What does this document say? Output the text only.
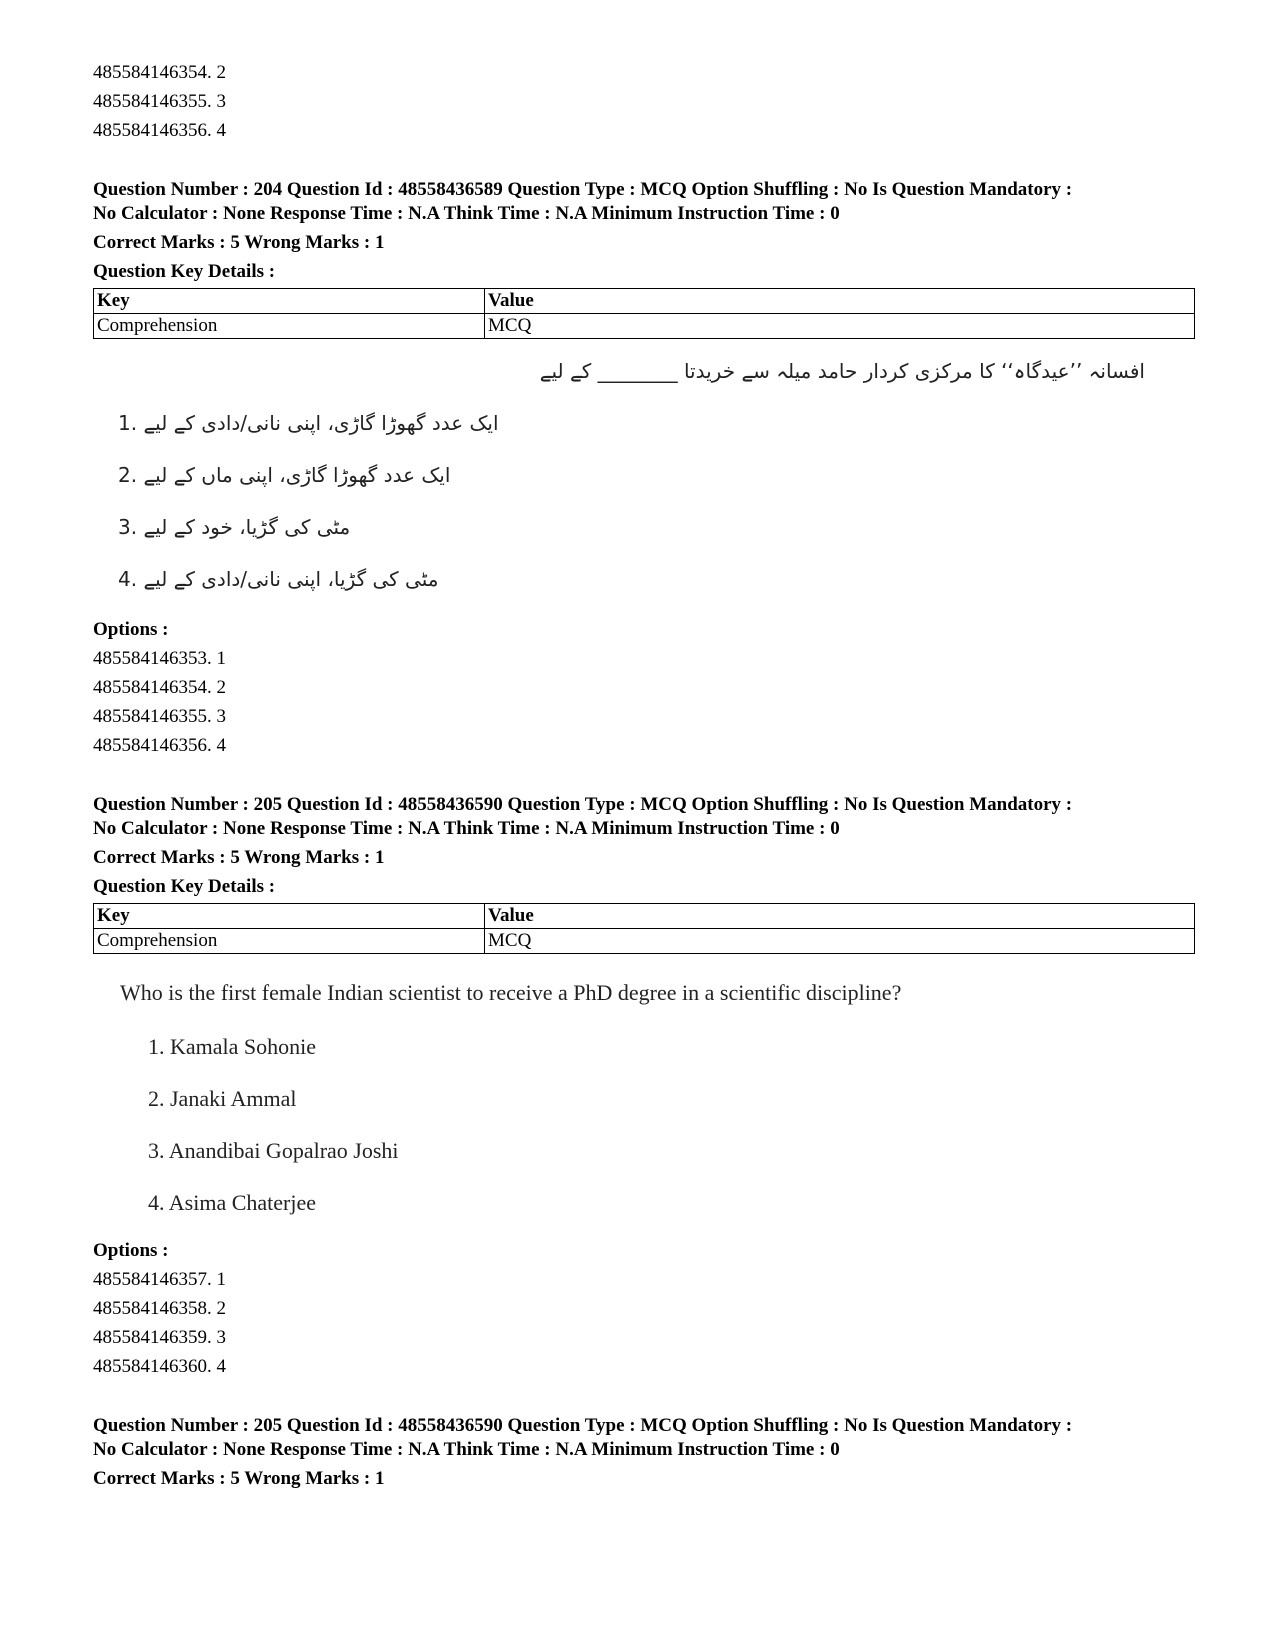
485584146354. 2

485584146355. 3

485584146356. 4

Question Number : 204 Question Id : 48558436589 Question Type : MCQ Option Shuffling : No Is Question Mandatory :

No Calculator : None Response Time : N.A Think Time : N.A Minimum Instruction Time : 0

Correct Marks : 5 Wrong Marks : 1

Question Key Details :

Key	Value
Comprehension	MCQ
افسانہ ’’عیدگاہ‘‘ کا مرکزی کردار حامد میلہ سے خریدتا ________ کے لیے
ایک عدد گھوڑا گاڑی، اپنی نانی/دادی کے لیے .1
ایک عدد گھوڑا گاڑی، اپنی ماں کے لیے .2
مٹی کی گڑیا، خود کے لیے .3
مٹی کی گڑیا، اپنی نانی/دادی کے لیے .4

Options :

485584146353. 1

485584146354. 2

485584146355. 3

485584146356. 4

Question Number : 205 Question Id : 48558436590 Question Type : MCQ Option Shuffling : No Is Question Mandatory :

No Calculator : None Response Time : N.A Think Time : N.A Minimum Instruction Time : 0

Correct Marks : 5 Wrong Marks : 1

Question Key Details :

Key	Value
Comprehension	MCQ
Who is the first female Indian scientist to receive a PhD degree in a scientific discipline?
1. Kamala Sohonie
2. Janaki Ammal
3. Anandibai Gopalrao Joshi
4. Asima Chaterjee

Options :

485584146357. 1

485584146358. 2

485584146359. 3

485584146360. 4

Question Number : 205 Question Id : 48558436590 Question Type : MCQ Option Shuffling : No Is Question Mandatory :

No Calculator : None Response Time : N.A Think Time : N.A Minimum Instruction Time : 0

Correct Marks : 5 Wrong Marks : 1
